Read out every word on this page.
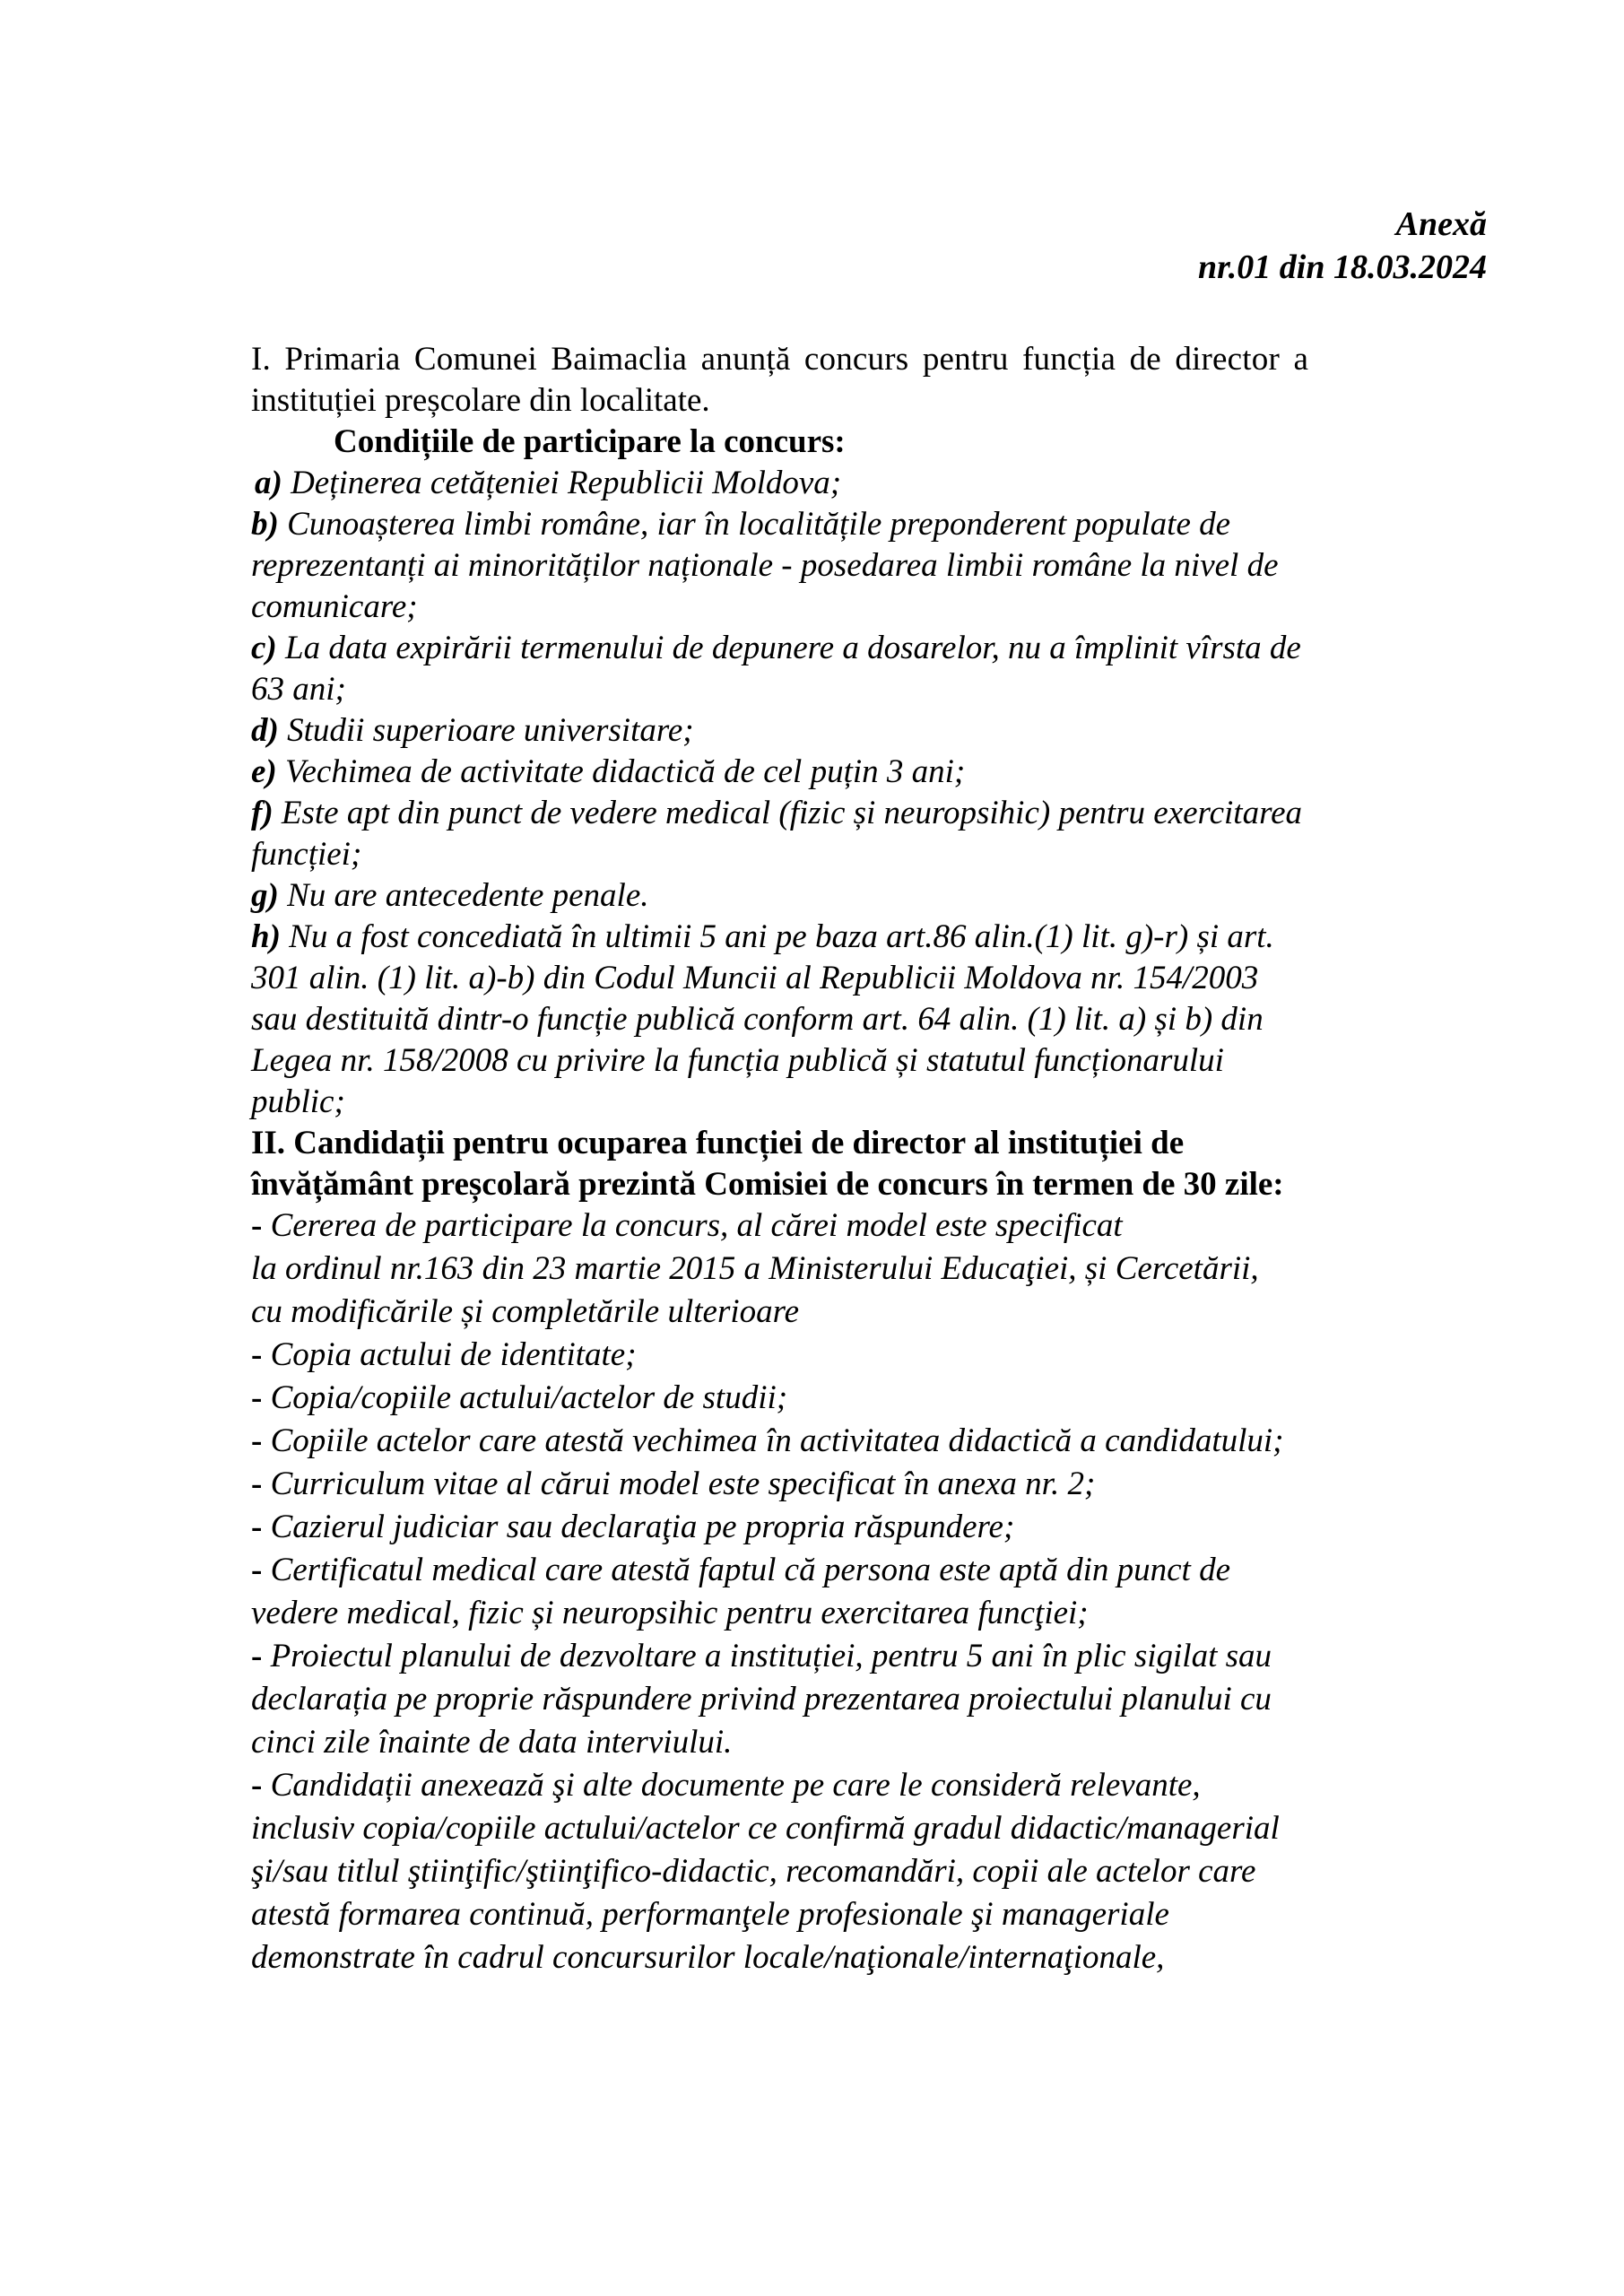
Anexă
nr.01 din 18.03.2024
I. Primaria Comunei Baimaclia anunță concurs pentru funcția de director a
instituției preșcolare din localitate.
Condițiile de participare la concurs:
a) Deținerea cetățeniei Republicii Moldova;
b) Cunoașterea limbi române, iar în localitățile preponderent populate de
reprezentanți ai minorităților naționale - posedarea limbii române la nivel de
comunicare;
c) La data expirării termenului de depunere a dosarelor, nu a împlinit vîrsta de
63 ani;
d) Studii superioare universitare;
e) Vechimea de activitate didactică de cel puțin 3 ani;
f) Este apt din punct de vedere medical (fizic și neuropsihic) pentru exercitarea
funcției;
g) Nu are antecedente penale.
h) Nu a fost concediată în ultimii 5 ani pe baza art.86 alin.(1) lit. g)-r) și art.
301 alin. (1) lit. a)-b) din Codul Muncii al Republicii Moldova nr. 154/2003
sau destituită dintr-o funcție publică conform art. 64 alin. (1) lit. a) și b) din
Legea nr. 158/2008 cu privire la funcția publică și statutul funcționarului
public;
II. Candidații pentru ocuparea funcției de director al instituției de
învățământ preșcolară prezintă Comisiei de concurs în termen de 30 zile:
- Cererea de participare la concurs, al cărei model este specificat
la ordinul nr.163 din 23 martie 2015 a Ministerului Educaţiei, și Cercetării,
cu modificările și completările ulterioare
- Copia actului de identitate;
- Copia/copiile actului/actelor de studii;
- Copiile actelor care atestă vechimea în activitatea didactică a candidatului;
- Curriculum vitae al cărui model este specificat în anexa nr. 2;
- Cazierul judiciar sau declaraţia pe propria răspundere;
- Certificatul medical care atestă faptul că persona este aptă din punct de
vedere medical, fizic și neuropsihic pentru exercitarea funcţiei;
- Proiectul planului de dezvoltare a instituției, pentru 5 ani în plic sigilat sau
declarația pe proprie răspundere privind prezentarea proiectului planului cu
cinci zile înainte de data interviului.
- Candidații anexează şi alte documente pe care le consideră relevante,
inclusiv copia/copiile actului/actelor ce confirmă gradul didactic/managerial
şi/sau titlul ştiinţific/ştiinţifico-didactic, recomandări, copii ale actelor care
atestă formarea continuă, performanţele profesionale şi manageriale
demonstrate în cadrul concursurilor locale/naţionale/internaţionale,
